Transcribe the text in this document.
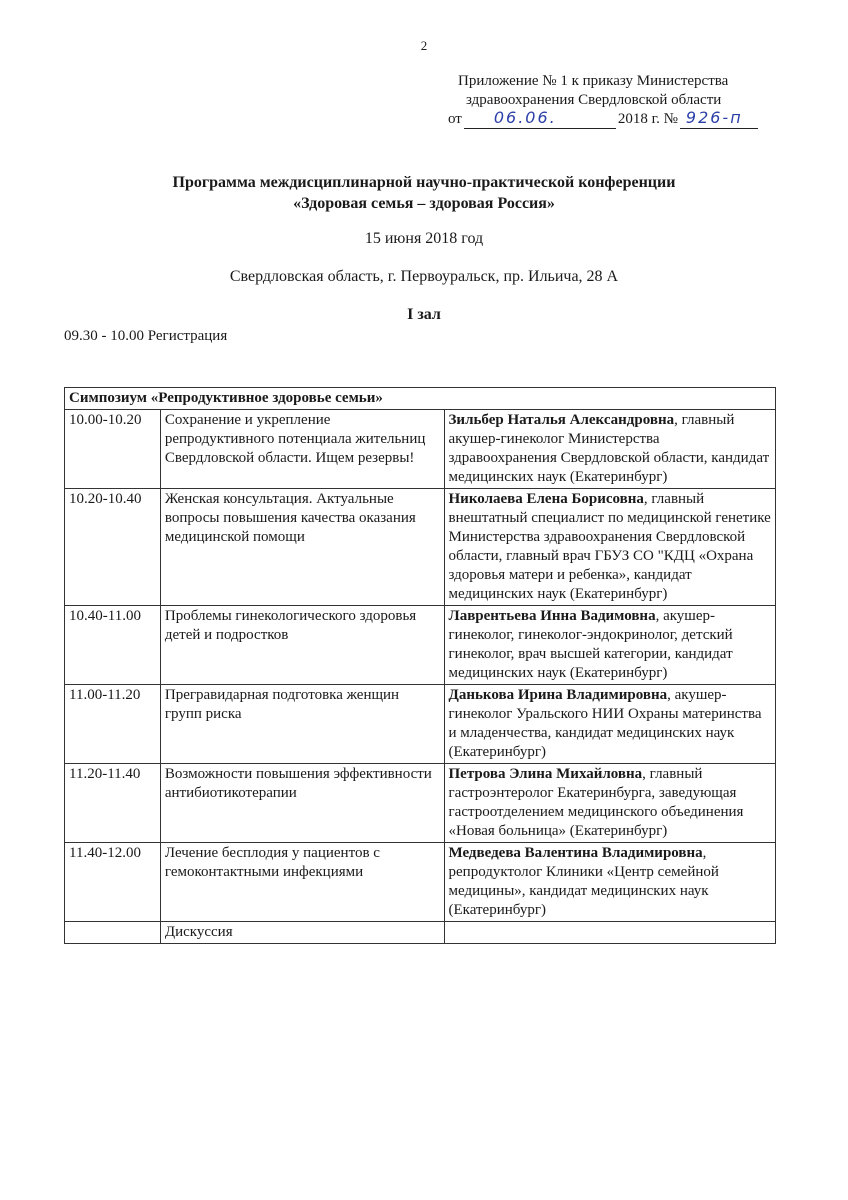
2
Приложение № 1 к приказу Министерства
здравоохранения Свердловской области
от 06.06.	2018 г. № 926-п
Программа междисциплинарной научно-практической конференции
«Здоровая семья – здоровая Россия»
15 июня 2018 год
Свердловская область, г. Первоуральск, пр. Ильича, 28 А
I зал
09.30 - 10.00 Регистрация
Симпозиум «Репродуктивное здоровье семьи»		
10.00-10.20	Сохранение и укрепление репродуктивного потенциала жительниц Свердловской области. Ищем резервы!	Зильбер Наталья Александровна, главный акушер-гинеколог Министерства здравоохранения Свердловской области, кандидат медицинских наук (Екатеринбург)
10.20-10.40	Женская консультация. Актуальные вопросы повышения качества оказания медицинской помощи	Николаева Елена Борисовна, главный внештатный специалист по медицинской генетике Министерства здравоохранения Свердловской области, главный врач ГБУЗ СО "КДЦ «Охрана здоровья матери и ребенка», кандидат медицинских наук (Екатеринбург)
10.40-11.00	Проблемы гинекологического здоровья детей и подростков	Лаврентьева Инна Вадимовна, акушер-гинеколог, гинеколог-эндокринолог, детский гинеколог, врач высшей категории, кандидат медицинских наук (Екатеринбург)
11.00-11.20	Прегравидарная подготовка женщин групп риска	Данькова Ирина Владимировна, акушер-гинеколог Уральского НИИ Охраны материнства и младенчества, кандидат медицинских наук (Екатеринбург)
11.20-11.40	Возможности повышения эффективности антибиотикотерапии	Петрова Элина Михайловна, главный гастроэнтеролог Екатеринбурга, заведующая гастроотделением медицинского объединения «Новая больница» (Екатеринбург)
11.40-12.00	Лечение бесплодия у пациентов с гемоконтактными инфекциями	Медведева Валентина Владимировна, репродуктолог Клиники «Центр семейной медицины», кандидат медицинских наук (Екатеринбург)
	Дискуссия	
